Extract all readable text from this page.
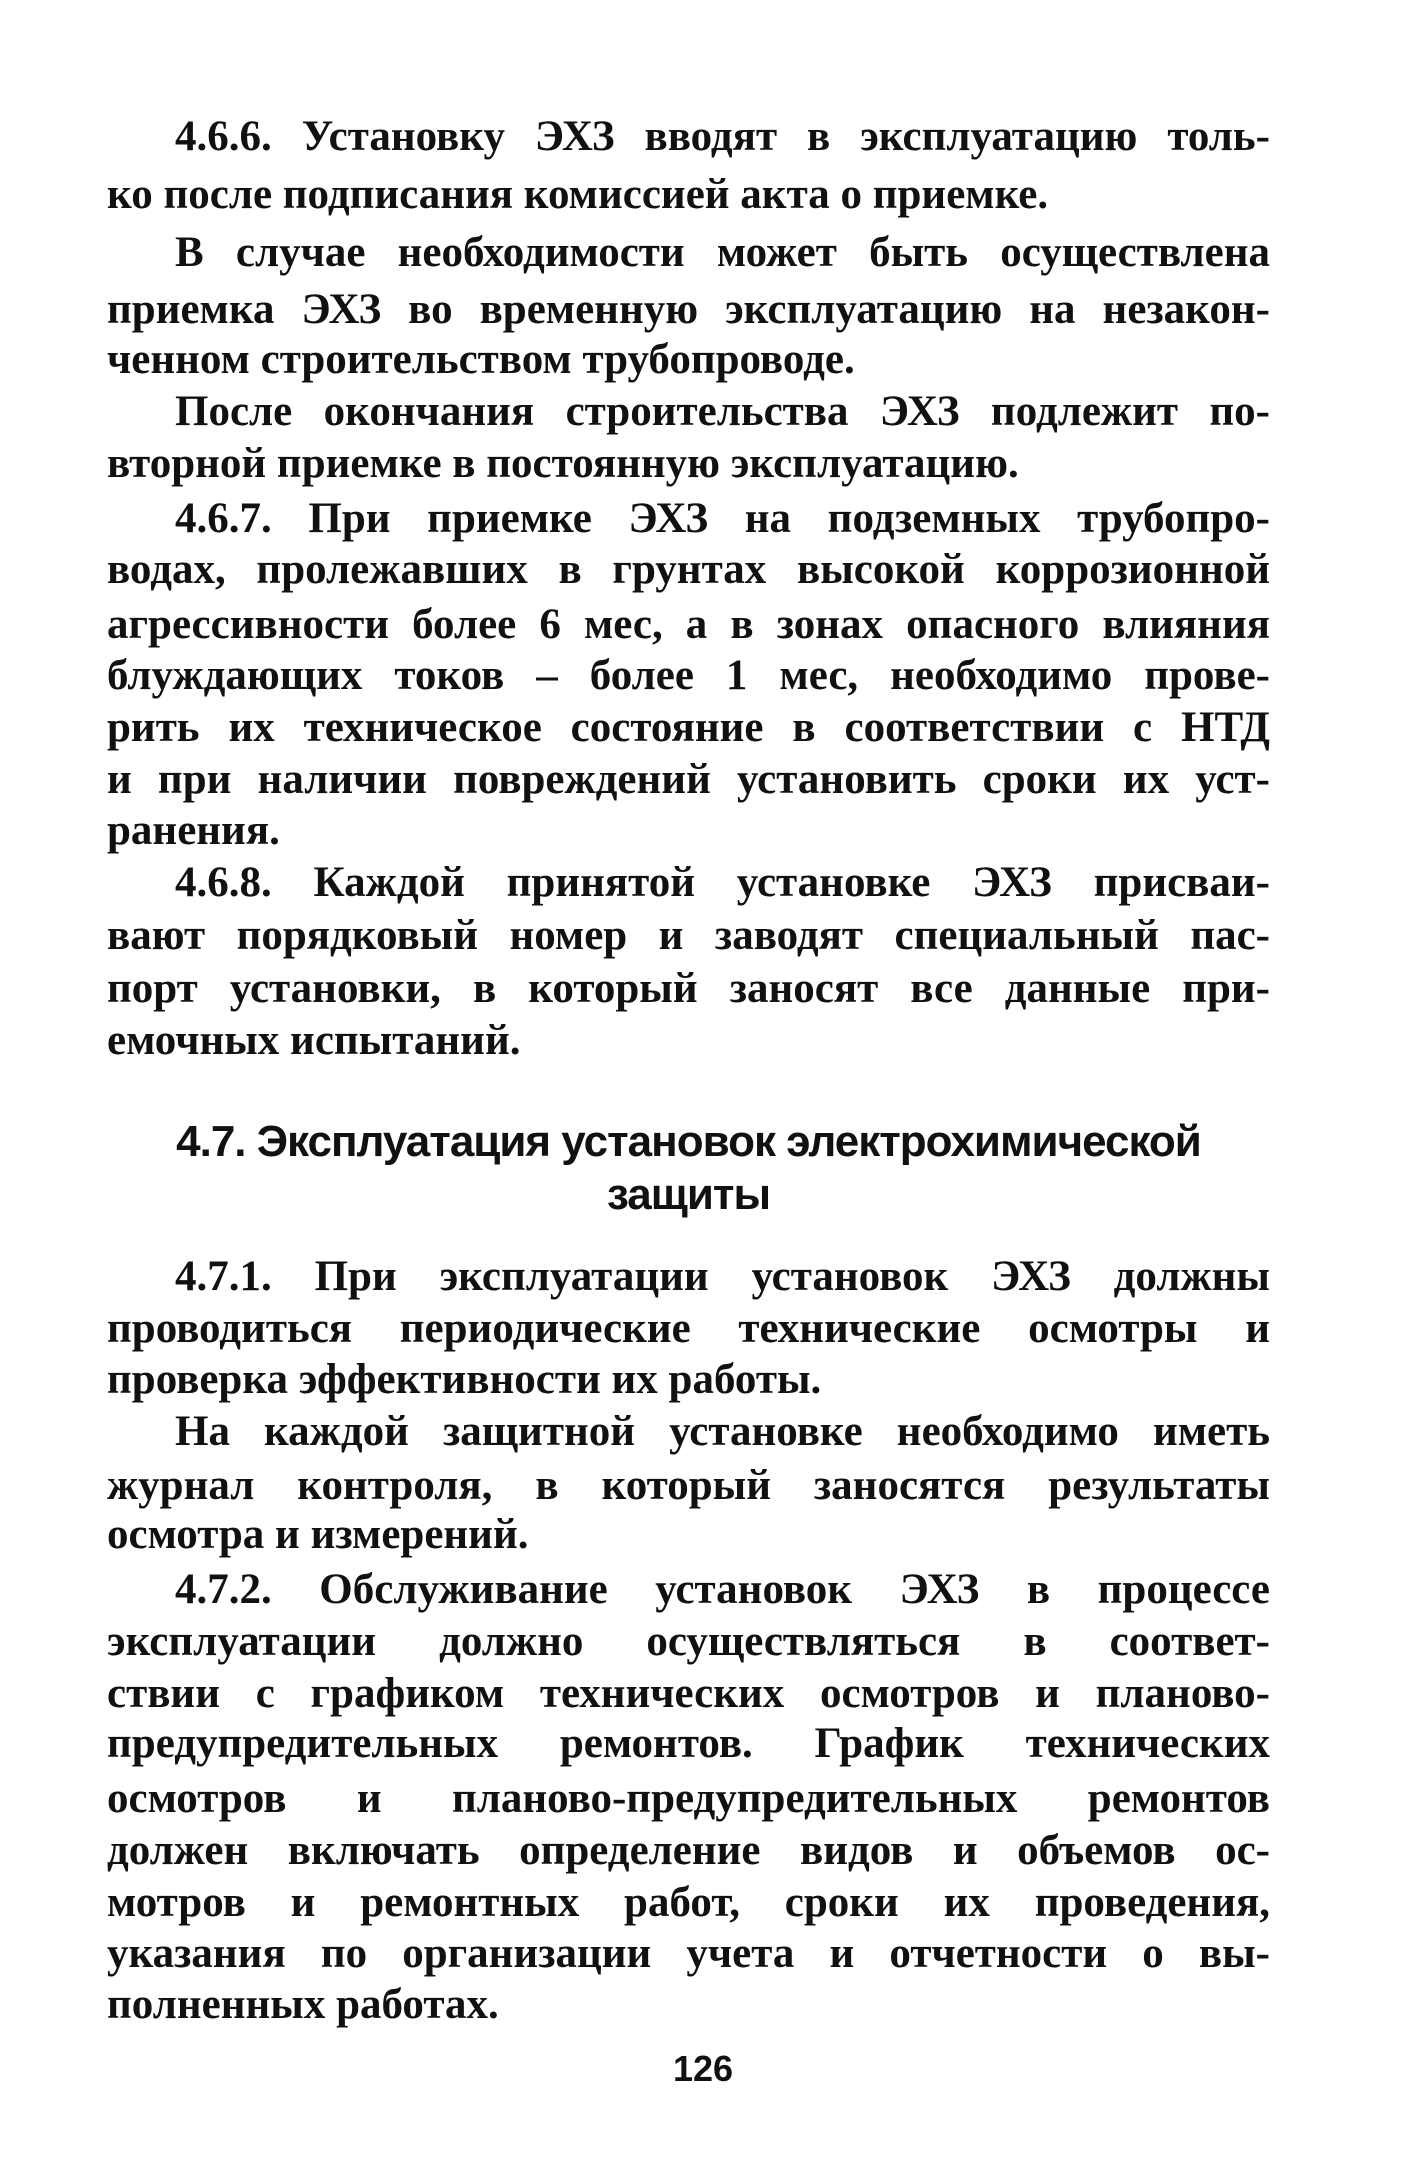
4.7. Эксплуатация установок электрохимической
защиты
126
4.6.6. Установку ЭХЗ вводят в эксплуатацию толь-
ко после подписания комиссией акта о приемке.
В случае необходимости может быть осуществлена
приемка ЭХЗ во временную эксплуатацию на незакон-
ченном строительством трубопроводе.
После окончания строительства ЭХЗ подлежит по-
вторной приемке в постоянную эксплуатацию.
4.6.7. При приемке ЭХЗ на подземных трубопро-
водах, пролежавших в грунтах высокой коррозионной
агрессивности более 6 мес, а в зонах опасного влияния
блуждающих токов – более 1 мес, необходимо прове-
рить их техническое состояние в соответствии с НТД
и при наличии повреждений установить сроки их уст-
ранения.
4.6.8. Каждой принятой установке ЭХЗ присваи-
вают порядковый номер и заводят специальный пас-
порт установки, в который заносят все данные при-
емочных испытаний.
4.7.1. При эксплуатации установок ЭХЗ должны
проводиться периодические технические осмотры и
проверка эффективности их работы.
На каждой защитной установке необходимо иметь
журнал контроля, в который заносятся результаты
осмотра и измерений.
4.7.2. Обслуживание установок ЭХЗ в процессе
эксплуатации должно осуществляться в соответ-
ствии с графиком технических осмотров и планово-
предупредительных ремонтов. График технических
осмотров и планово-предупредительных ремонтов
должен включать определение видов и объемов ос-
мотров и ремонтных работ, сроки их проведения,
указания по организации учета и отчетности о вы-
полненных работах.
